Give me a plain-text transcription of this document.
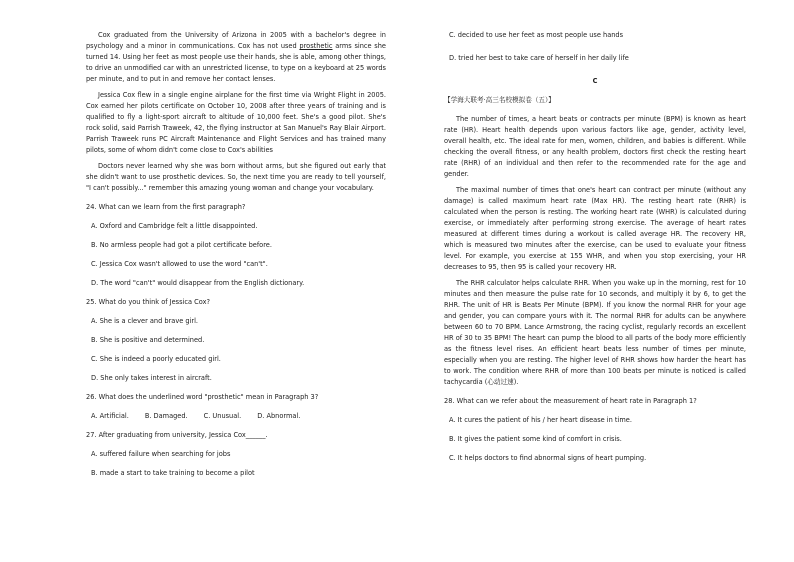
Cox graduated from the University of Arizona in 2005 with a bachelor's degree in psychology and a minor in communications. Cox has not used prosthetic arms since she turned 14. Using her feet as most people use their hands, she is able, among other things, to drive an unmodified car with an unrestricted license, to type on a keyboard at 25 words per minute, and to put in and remove her contact lenses.

Jessica Cox flew in a single engine airplane for the first time via Wright Flight in 2005. Cox earned her pilots certificate on October 10, 2008 after three years of training and is qualified to fly a light-sport aircraft to altitude of 10,000 feet. She's a good pilot. She's rock solid, said Parrish Traweek, 42, the flying instructor at San Manuel's Ray Blair Airport. Parrish Traweek runs PC Aircraft Maintenance and Flight Services and has trained many pilots, some of whom didn't come close to Cox's abilities

Doctors never learned why she was born without arms, but she figured out early that she didn't want to use prosthetic devices. So, the next time you are ready to tell yourself, "I can't possibly..." remember this amazing young woman and change your vocabulary.

24. What can we learn from the first paragraph?
A. Oxford and Cambridge felt a little disappointed.
B. No armless people had got a pilot certificate before.
C. Jessica Cox wasn't allowed to use the word "can't".
D. The word "can't" would disappear from the English dictionary.
25. What do you think of Jessica Cox?
A. She is a clever and brave girl.
B. She is positive and determined.
C. She is indeed a poorly educated girl.
D. She only takes interest in aircraft.
26. What does the underlined word "prosthetic" mean in Paragraph 3?
A. Artificial. B. Damaged. C. Unusual. D. Abnormal.
27. After graduating from university, Jessica Cox______.
A. suffered failure when searching for jobs
B. made a start to take training to become a pilot
C. decided to use her feet as most people use hands
D. tried her best to take care of herself in her daily life
C
【学海大联考·高三名校模拟卷（五）】

The number of times, a heart beats or contracts per minute (BPM) is known as heart rate (HR). Heart health depends upon various factors like age, gender, activity level, overall health, etc. The ideal rate for men, women, children, and babies is different. While checking the overall fitness, or any health problem, doctors first check the resting heart rate (RHR) of an individual and then refer to the recommended rate for the age and gender.

The maximal number of times that one's heart can contract per minute (without any damage) is called maximum heart rate (Max HR). The resting heart rate (RHR) is calculated when the person is resting. The working heart rate (WHR) is calculated during exercise, or immediately after performing strong exercise. The average of heart rates measured at different times during a workout is called average HR. The recovery HR, which is measured two minutes after the exercise, can be used to evaluate your fitness level. For example, you exercise at 155 WHR, and when you stop exercising, your HR decreases to 95, then 95 is called your recovery HR.

The RHR calculator helps calculate RHR. When you wake up in the morning, rest for 10 minutes and then measure the pulse rate for 10 seconds, and multiply it by 6, to get the RHR. The unit of HR is Beats Per Minute (BPM). If you know the normal RHR for your age and gender, you can compare yours with it. The normal RHR for adults can be anywhere between 60 to 70 BPM. Lance Armstrong, the racing cyclist, regularly records an excellent HR of 30 to 35 BPM! The heart can pump the blood to all parts of the body more efficiently as the fitness level rises. An efficient heart beats less number of times per minute, especially when you are resting. The higher level of RHR shows how harder the heart has to work. The condition where RHR of more than 100 beats per minute is noticed is called tachycardia (心动过速).

28. What can we refer about the measurement of heart rate in Paragraph 1?
A. It cures the patient of his / her heart disease in time.
B. It gives the patient some kind of comfort in crisis.
C. It helps doctors to find abnormal signs of heart pumping.
